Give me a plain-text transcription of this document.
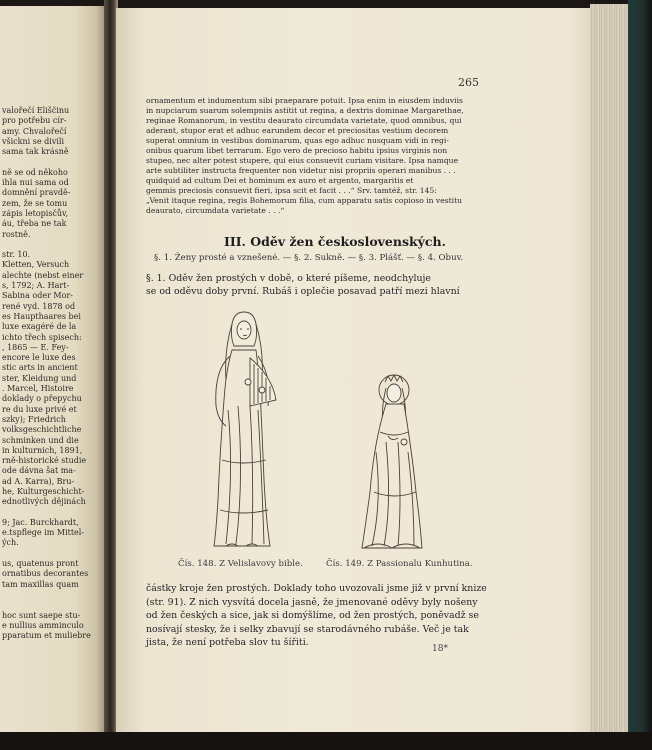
valořečí Eliščinu
pro potřebu cír-
amy. Chvalořečí
všickni se divili
sama tak krásně
ně se od někoho
ihla nui sama od
domnění pravdě-
zem, že se tomu
zápis letopisčův,
áu, třeba ne tak
rostně.
str. 10.
Kletten, Versuch
alechte (nebst einer
s, 1792; A. Hart-
Sabina oder Mor-
rené vyd. 1878 od
es Haupthaares bei
luxe exagéré de la
ichto třech spisech:
, 1865 — E. Fey-
encore le luxe des
stic arts in ancient
ster, Kleidung und
. Marcel, Histoire
doklady o přepychu
re du luxe privé et
szky); Friedrich
volksgeschichtliche
schminken und die
in kulturnich, 1891,
rně-historické studie
ode dávna šat ma-
ad A. Karra), Bru-
he, Kulturgeschicht-
ednotlivých dějinách
9; Jac. Burckhardt,
e.tspflege im Mittel-
ých.
us, quatenus pront
ornatibus decorantes
tam maxillas quam
hoc sunt saepe stu-
e nullius amminculo
pparatum et muliebre
265
ornamentum et indumentum sibi praeparare potuit. Ipsa enim in eiusdem induviis
in nupciarum suarum solempniis astitit ut regina, a dextris dominae Margarethae,
reginae Romanorum, in vestitu deaurato circumdata varietate, quod omnibus, qui
aderant, stupor erat et adhuc earundem decor et preciositas vestium decorem
superat omnium in vestibus dominarum, quas ego adhuc nusquam vidi in regi-
onibus quarum libet terrarum. Ego vero de precioso habitu ipsius virginis non
stupeo, nec alter potest stupere, qui eius consuevit curiam visitare. Ipsa namque
arte subtiliter instructa frequenter non videtur nisi propriis operari manibus . . .
quidquid ad cultum Dei et hominum ex auro et argento, margaritis et
gemmis preciosis consuevit fieri, ipsa scit et facit . . .“ Srv. tamtéž, str. 145:
„Venit itaque regina, regis Bohemorum filia, cum apparatu satis copioso in vestitu
deaurato, circumdata varietate . . .“
III. Oděv žen československých.
§. 1. Ženy prosté a vznešené. — §. 2. Sukně. — §. 3. Plášť. — §. 4. Obuv.
§. 1. Oděv žen prostých v době, o které píšeme, neodchyluje
se od oděvu doby první. Rubáš i oplečie posavad patří mezi hlavní
Čís. 148. Z Velislavovy bible.	Čís. 149. Z Passionalu Kunhutina.
částky kroje žen prostých. Doklady toho uvozovali jsme již v první knize
(str. 91). Z nich vysvítá docela jasně, že jmenované oděvy byly nošeny
od žen českých a sice, jak si domýšlíme, od žen prostých, poněvadž se
nosívají stesky, že i selky zbavují se starodávného rubáše. Več je tak
jista, že není potřeba slov tu šířiti.
18*
